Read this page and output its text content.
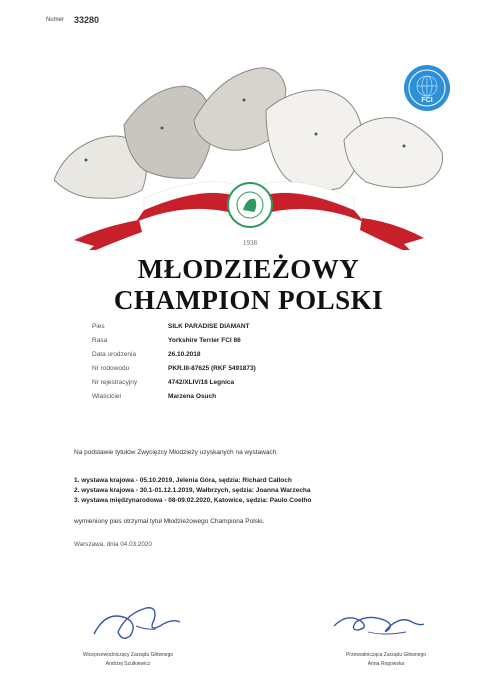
Numer 33280
FCI
1938
MŁODZIEŻOWY
CHAMPION POLSKI
Pies	SILK PARADISE DIAMANT
Rasa	Yorkshire Terrier FCI 86
Data urodzenia	26.10.2018
Nr rodowodu	PKR.III-87625 (RKF 5491873)
Nr rejestracyjny	4742/XLIV/18 Legnica
Właściciel	Marzena Osuch
Na podstawie tytułów Zwycięzcy Młodzieży uzyskanych na wystawach:
1. wystawa krajowa - 05.10.2019, Jelenia Góra, sędzia: Richard Calloch
2. wystawa krajowa - 30.1-01.12.1.2019, Wałbrzych, sędzia: Joanna Warzecha
3. wystawa międzynarodowa - 08-09.02.2020, Katowice, sędzia: Paulo Coelho
wymieniony pies otrzymał tytuł Młodzieżowego Championa Polski.
Warszawa, dnia 04.03.2020
Wiceprzewodniczący Zarządu Głównego
Andrzej Szutkiewicz
Przewodnicząca Zarządu Głównego
Anna Rogowska
